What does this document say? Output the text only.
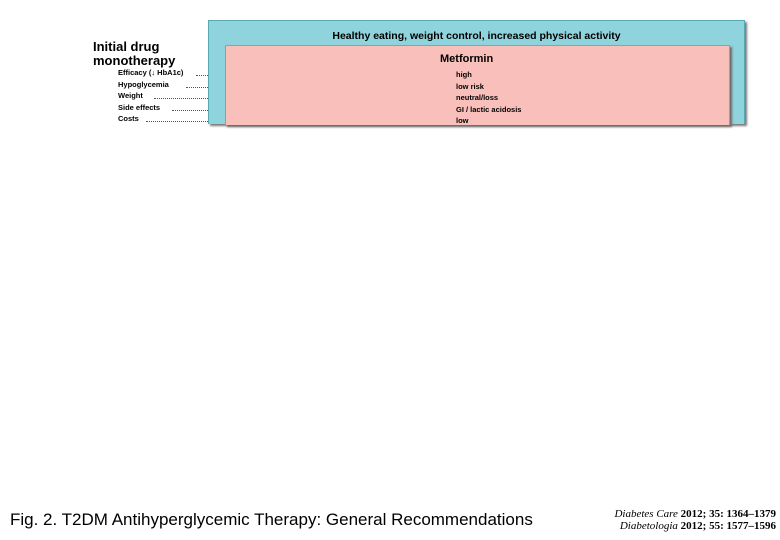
Initial drug
monotherapy
Efficacy (↓ HbA1c)
Hypoglycemia
Weight
Side effects
Costs
Healthy eating, weight control, increased physical activity
Metformin
high
low risk
neutral/loss
GI / lactic acidosis
low
Fig. 2. T2DM Antihyperglycemic Therapy: General Recommendations	Diabetes Care 2012; 35: 1364–1379
Diabetologia 2012; 55: 1577–1596
